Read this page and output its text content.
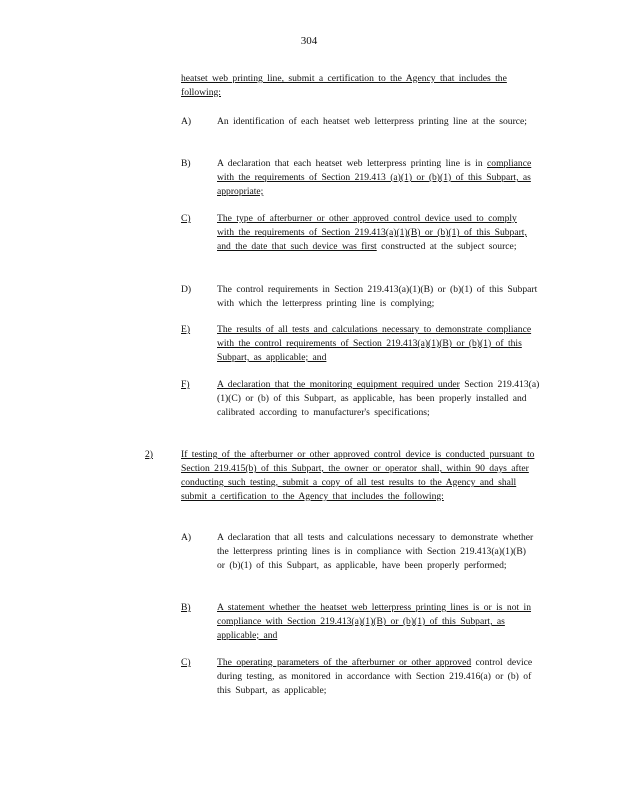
304
heatset web printing line, submit a certification to the Agency that includes the following:
A)	An identification of each heatset web letterpress printing line at the source;
B)	A declaration that each heatset web letterpress printing line is in compliance with the requirements of Section 219.413 (a)(1) or (b)(1) of this Subpart, as appropriate;
C)	The type of afterburner or other approved control device used to comply with the requirements of Section 219.413(a)(1)(B) or (b)(1) of this Subpart, and the date that such device was first constructed at the subject source;
D)	The control requirements in Section 219.413(a)(1)(B) or (b)(1) of this Subpart with which the letterpress printing line is complying;
E)	The results of all tests and calculations necessary to demonstrate compliance with the control requirements of Section 219.413(a)(1)(B) or (b)(1) of this Subpart, as applicable; and
F)	A declaration that the monitoring equipment required under Section 219.413(a)(1)(C) or (b) of this Subpart, as applicable, has been properly installed and calibrated according to manufacturer's specifications;
2)	If testing of the afterburner or other approved control device is conducted pursuant to Section 219.415(b) of this Subpart, the owner or operator shall, within 90 days after conducting such testing, submit a copy of all test results to the Agency and shall submit a certification to the Agency that includes the following:
A)	A declaration that all tests and calculations necessary to demonstrate whether the letterpress printing lines is in compliance with Section 219.413(a)(1)(B) or (b)(1) of this Subpart, as applicable, have been properly performed;
B)	A statement whether the heatset web letterpress printing lines is or is not in compliance with Section 219.413(a)(1)(B) or (b)(1) of this Subpart, as applicable; and
C)	The operating parameters of the afterburner or other approved control device during testing, as monitored in accordance with Section 219.416(a) or (b) of this Subpart, as applicable;
